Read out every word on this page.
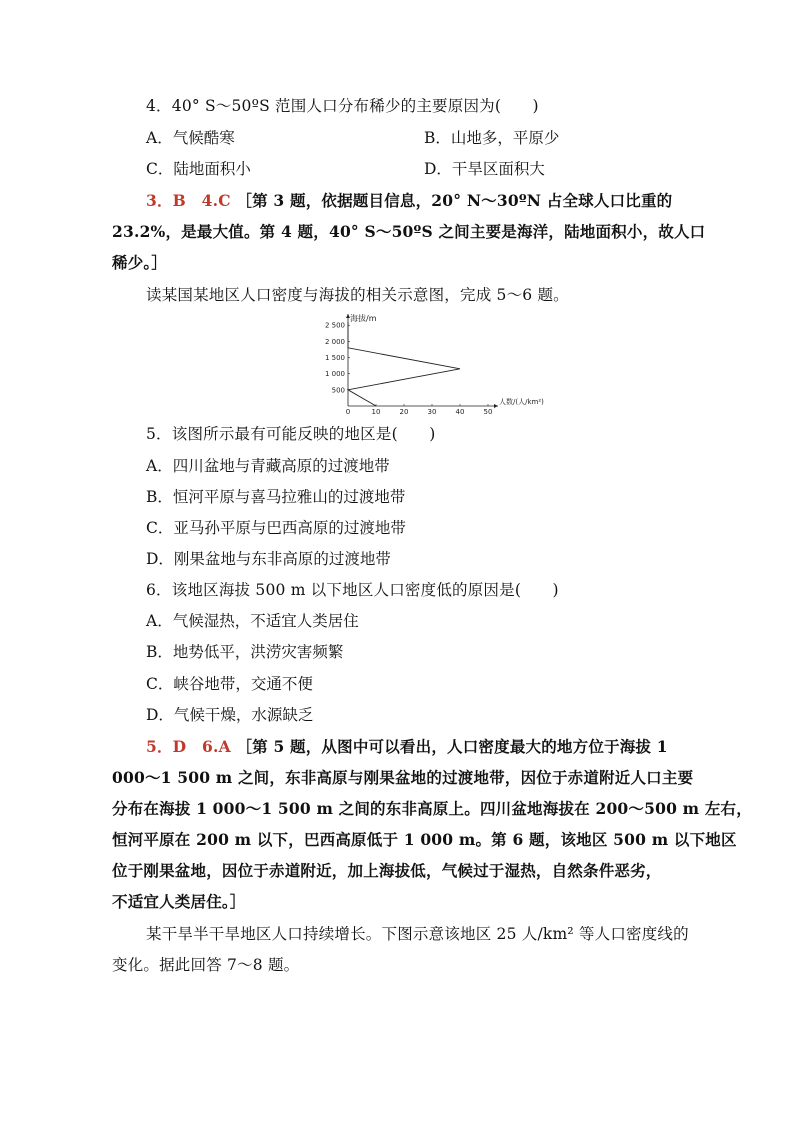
4．40° S～50ºS 范围人口分布稀少的主要原因为(　　)
A．气候酷寒	B．山地多，平原少
C．陆地面积小	D．干旱区面积大
3．B　4.C ［第 3 题，依据题目信息，20° N～30ºN 占全球人口比重的
23.2%，是最大值。第 4 题，40° S～50ºS 之间主要是海洋，陆地面积小，故人口
稀少。］
读某国某地区人口密度与海拔的相关示意图，完成 5～6 题。
0	10	20	30	40	50
500
1 000
1 500
2 000
2 500
海拔/m
人数/(人/km²)
5．该图所示最有可能反映的地区是(　　)
A．四川盆地与青藏高原的过渡地带
B．恒河平原与喜马拉雅山的过渡地带
C．亚马孙平原与巴西高原的过渡地带
D．刚果盆地与东非高原的过渡地带
6．该地区海拔 500 m 以下地区人口密度低的原因是(　　)
A．气候湿热，不适宜人类居住
B．地势低平，洪涝灾害频繁
C．峡谷地带，交通不便
D．气候干燥，水源缺乏
5．D　6.A ［第 5 题，从图中可以看出，人口密度最大的地方位于海拔 1
000～1 500 m 之间，东非高原与刚果盆地的过渡地带，因位于赤道附近人口主要
分布在海拔 1 000～1 500 m 之间的东非高原上。四川盆地海拔在 200～500 m 左右，
恒河平原在 200 m 以下，巴西高原低于 1 000 m。第 6 题，该地区 500 m 以下地区
位于刚果盆地，因位于赤道附近，加上海拔低，气候过于湿热，自然条件恶劣，
不适宜人类居住。］
某干旱半干旱地区人口持续增长。下图示意该地区 25 人/km² 等人口密度线的
变化。据此回答 7～8 题。
